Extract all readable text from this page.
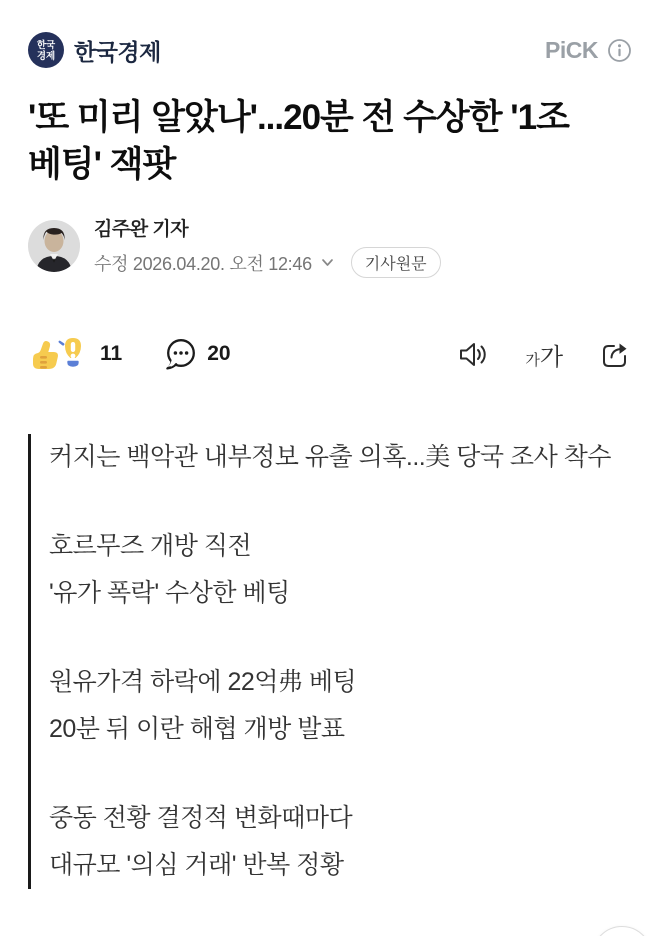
한국
경제 한국경제	PiCK
'또 미리 알았나'...20분 전 수상한 '1조 베팅' 잭팟
김주완 기자
수정 2026.04.20. 오전 12:46	기사원문
11	20	가 가

커지는 백악관 내부정보 유출 의혹...美 당국 조사 착수

호르무즈 개방 직전
'유가 폭락' 수상한 베팅

원유가격 하락에 22억弗 베팅
20분 뒤 이란 해협 개방 발표

중동 전황 결정적 변화때마다
대규모 '의심 거래' 반복 정황
